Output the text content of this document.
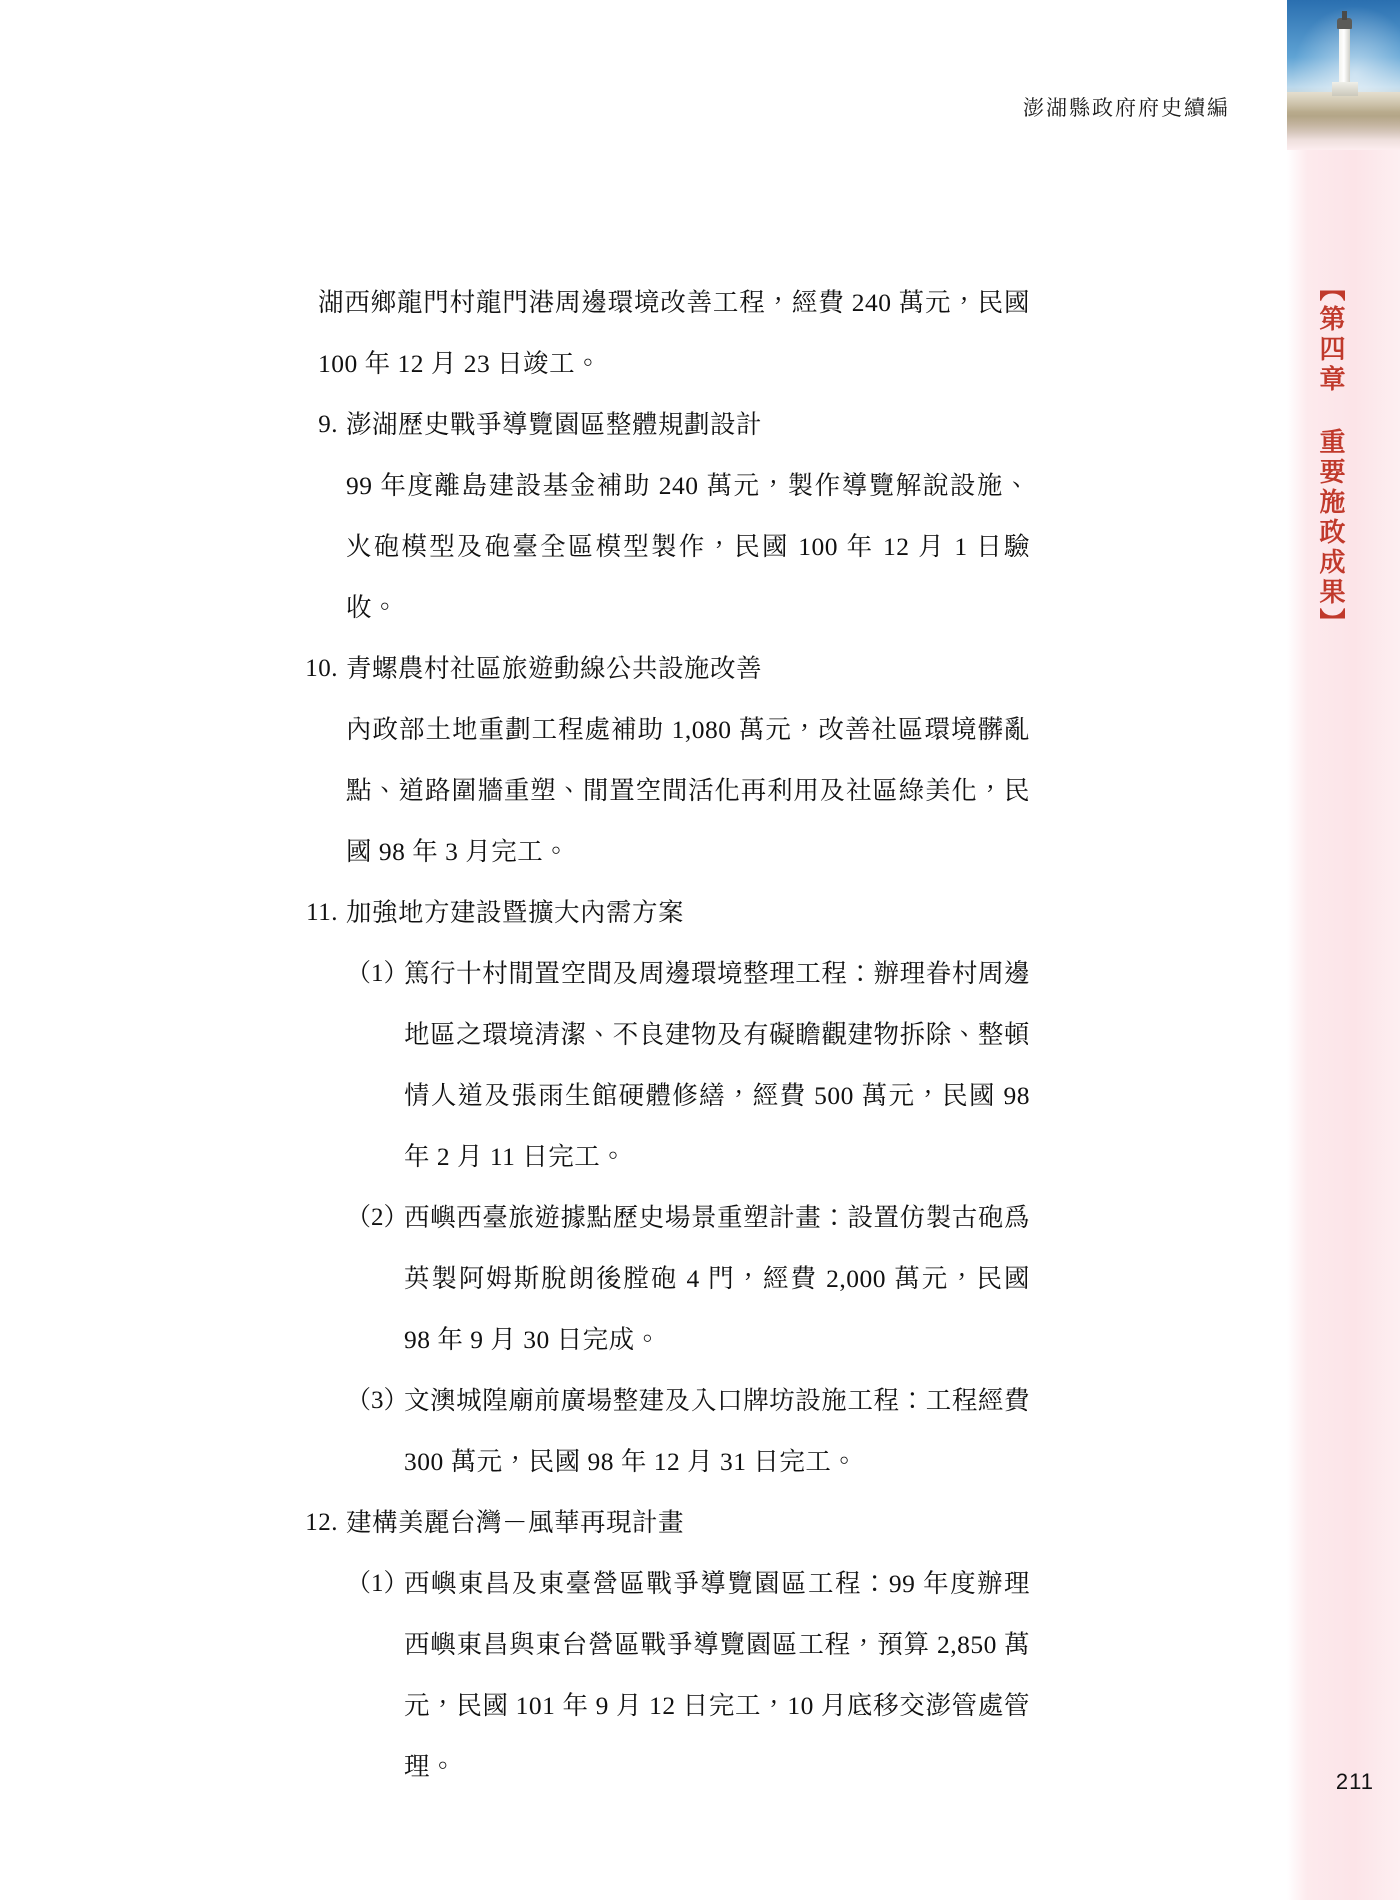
【第四章 重要施政成果】
211
澎湖縣政府府史續編

湖西鄉龍門村龍門港周邊環境改善工程，經費 240 萬元，民國 100 年 12 月 23 日竣工。

9. 澎湖歷史戰爭導覽園區整體規劃設計

99 年度離島建設基金補助 240 萬元，製作導覽解說設施、火砲模型及砲臺全區模型製作，民國 100 年 12 月 1 日驗收。

10. 青螺農村社區旅遊動線公共設施改善

內政部土地重劃工程處補助 1,080 萬元，改善社區環境髒亂點、道路圍牆重塑、閒置空間活化再利用及社區綠美化，民國 98 年 3 月完工。

11. 加強地方建設暨擴大內需方案
（1）
篤行十村閒置空間及周邊環境整理工程：辦理眷村周邊地區之環境清潔、不良建物及有礙瞻觀建物拆除、整頓情人道及張雨生館硬體修繕，經費 500 萬元，民國 98 年 2 月 11 日完工。
（2）
西嶼西臺旅遊據點歷史場景重塑計畫：設置仿製古砲爲英製阿姆斯脫朗後膛砲 4 門，經費 2,000 萬元，民國 98 年 9 月 30 日完成。
（3）
文澳城隍廟前廣場整建及入口牌坊設施工程：工程經費 300 萬元，民國 98 年 12 月 31 日完工。
12. 建構美麗台灣－風華再現計畫
（1）
西嶼東昌及東臺營區戰爭導覽園區工程：99 年度辦理西嶼東昌與東台營區戰爭導覽園區工程，預算 2,850 萬元，民國 101 年 9 月 12 日完工，10 月底移交澎管處管理。
